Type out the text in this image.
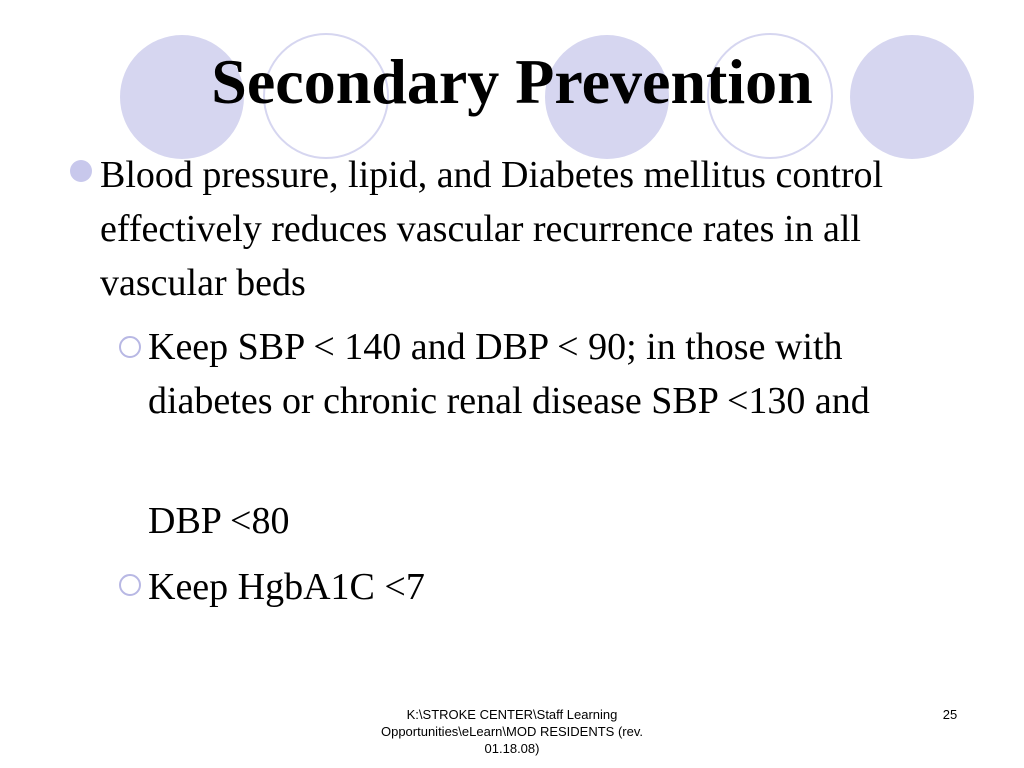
Secondary Prevention
Blood pressure, lipid, and Diabetes mellitus control effectively reduces vascular recurrence rates in all vascular beds
Keep SBP < 140 and DBP < 90; in those with diabetes or chronic renal disease SBP <130 and
DBP <80
Keep HgbA1C <7
K:\STROKE CENTER\Staff Learning Opportunities\eLearn\MOD RESIDENTS (rev. 01.18.08)
25
